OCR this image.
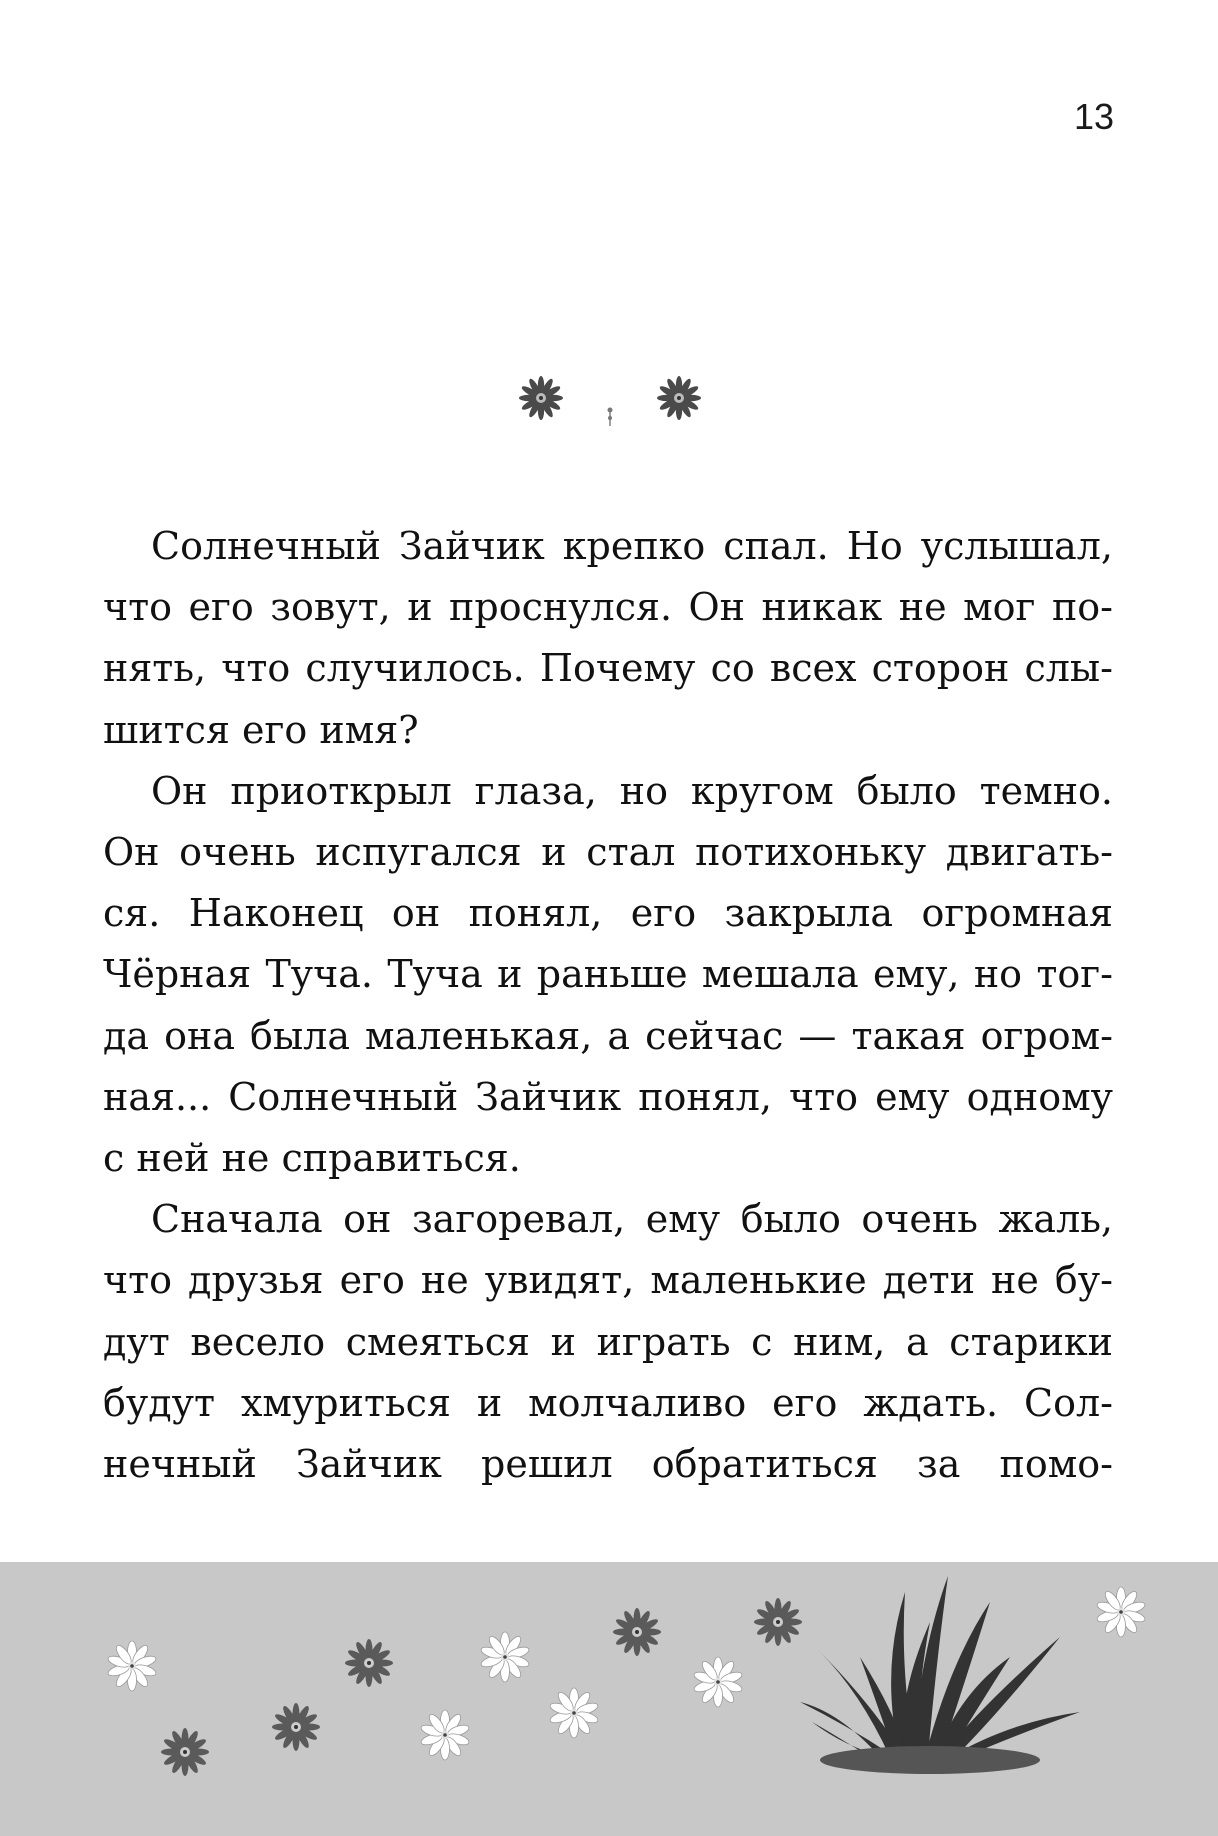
13

Солнечный Зайчик крепко спал. Но услышал,
что его зовут, и проснулся. Он никак не мог по-
нять, что случилось. Почему со всех сторон слы-
шится его имя?

Он приоткрыл глаза, но кругом было темно.
Он очень испугался и стал потихоньку двигать-
ся. Наконец он понял, его закрыла огромная
Чёрная Туча. Туча и раньше мешала ему, но тог-
да она была маленькая, а сейчас — такая огром-
ная... Солнечный Зайчик понял, что ему одному
с ней не справиться.

Сначала он загоревал, ему было очень жаль,
что друзья его не увидят, маленькие дети не бу-
дут весело смеяться и играть с ним, а старики
будут хмуриться и молчаливо его ждать. Сол-
нечный Зайчик решил обратиться за помо-
